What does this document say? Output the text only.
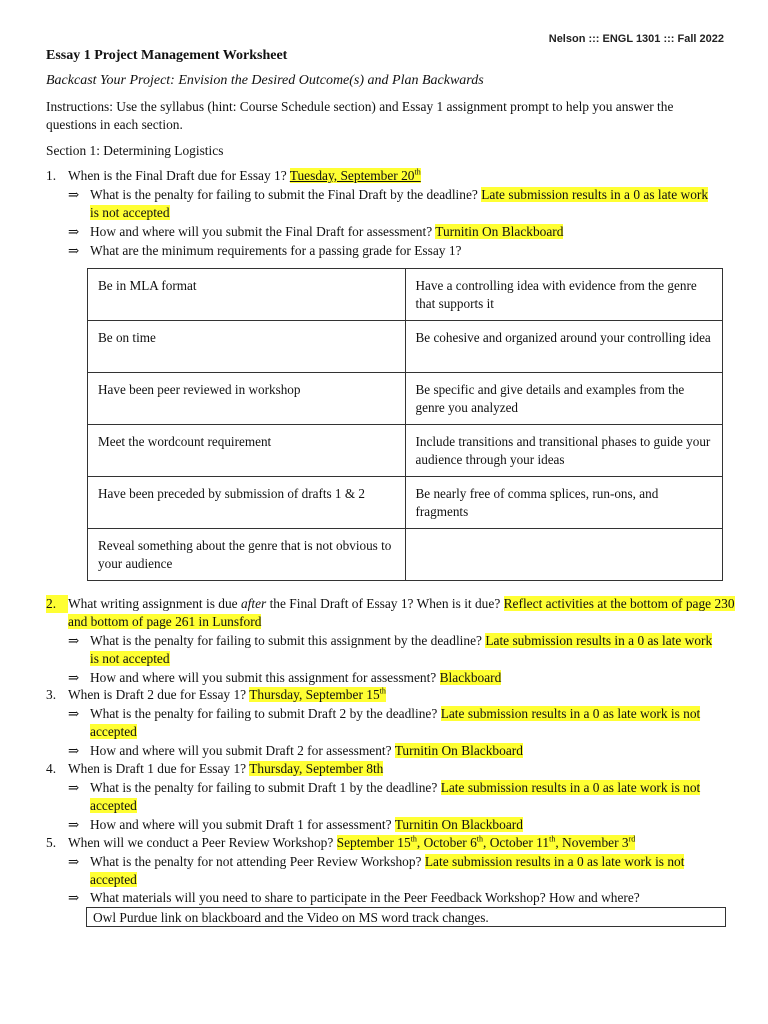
Nelson ::: ENGL 1301 ::: Fall 2022
Essay 1 Project Management Worksheet
Backcast Your Project: Envision the Desired Outcome(s) and Plan Backwards
Instructions: Use the syllabus (hint: Course Schedule section) and Essay 1 assignment prompt to help you answer the questions in each section.
Section 1: Determining Logistics
1. When is the Final Draft due for Essay 1? Tuesday, September 20th
⇒ What is the penalty for failing to submit the Final Draft by the deadline? Late submission results in a 0 as late work is not accepted
⇒ How and where will you submit the Final Draft for assessment? Turnitin On Blackboard
⇒ What are the minimum requirements for a passing grade for Essay 1?
Be in MLA format	Have a controlling idea with evidence from the genre that supports it
Be on time	Be cohesive and organized around your controlling idea
Have been peer reviewed in workshop	Be specific and give details and examples from the genre you analyzed
Meet the wordcount requirement	Include transitions and transitional phases to guide your audience through your ideas
Have been preceded by submission of drafts 1 & 2	Be nearly free of comma splices, run-ons, and fragments
Reveal something about the genre that is not obvious to your audience	
2. What writing assignment is due after the Final Draft of Essay 1? When is it due? Reflect activities at the bottom of page 230 and bottom of page 261 in Lunsford
⇒ What is the penalty for failing to submit this assignment by the deadline? Late submission results in a 0 as late work is not accepted
⇒ How and where will you submit this assignment for assessment? Blackboard
3. When is Draft 2 due for Essay 1? Thursday, September 15th
⇒ What is the penalty for failing to submit Draft 2 by the deadline? Late submission results in a 0 as late work is not accepted
⇒ How and where will you submit Draft 2 for assessment? Turnitin On Blackboard
4. When is Draft 1 due for Essay 1? Thursday, September 8th
⇒ What is the penalty for failing to submit Draft 1 by the deadline? Late submission results in a 0 as late work is not accepted
⇒ How and where will you submit Draft 1 for assessment? Turnitin On Blackboard
5. When will we conduct a Peer Review Workshop? September 15th, October 6th, October 11th, November 3rd
⇒ What is the penalty for not attending Peer Review Workshop? Late submission results in a 0 as late work is not accepted
⇒ What materials will you need to share to participate in the Peer Feedback Workshop? How and where?
Owl Purdue link on blackboard and the Video on MS word track changes.
